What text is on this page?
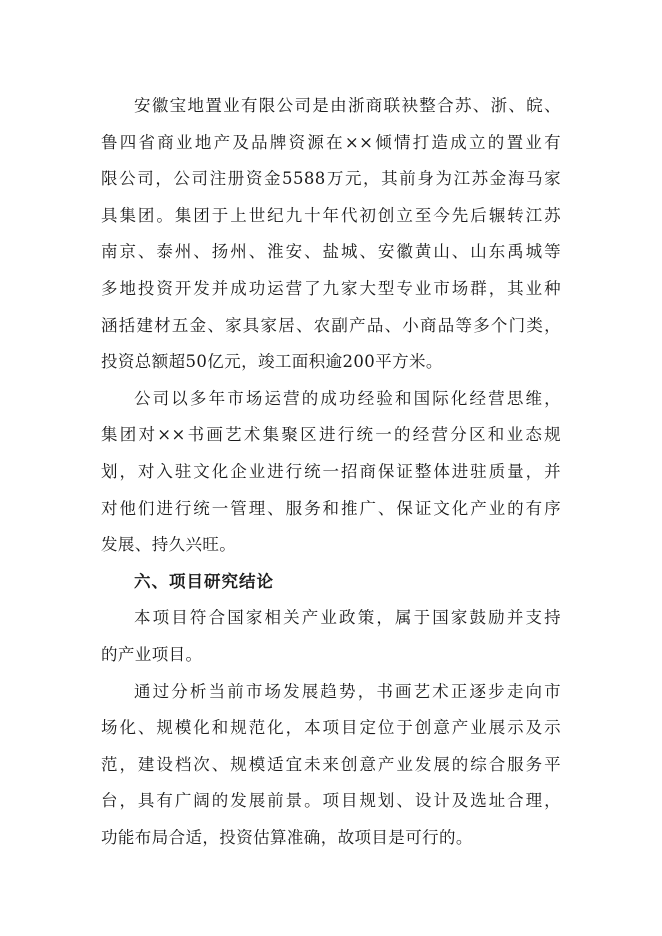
安徽宝地置业有限公司是由浙商联袂整合苏、浙、皖、
鲁四省商业地产及品牌资源在××倾情打造成立的置业有
限公司，公司注册资金5588万元，其前身为江苏金海马家
具集团。集团于上世纪九十年代初创立至今先后辗转江苏
南京、泰州、扬州、淮安、盐城、安徽黄山、山东禹城等
多地投资开发并成功运营了九家大型专业市场群，其业种
涵括建材五金、家具家居、农副产品、小商品等多个门类，
投资总额超50亿元，竣工面积逾200平方米。
公司以多年市场运营的成功经验和国际化经营思维，
集团对××书画艺术集聚区进行统一的经营分区和业态规
划，对入驻文化企业进行统一招商保证整体进驻质量，并
对他们进行统一管理、服务和推广、保证文化产业的有序
发展、持久兴旺。
六、项目研究结论
本项目符合国家相关产业政策，属于国家鼓励并支持
的产业项目。
通过分析当前市场发展趋势，书画艺术正逐步走向市
场化、规模化和规范化，本项目定位于创意产业展示及示
范，建设档次、规模适宜未来创意产业发展的综合服务平
台，具有广阔的发展前景。项目规划、设计及选址合理，
功能布局合适，投资估算准确，故项目是可行的。
